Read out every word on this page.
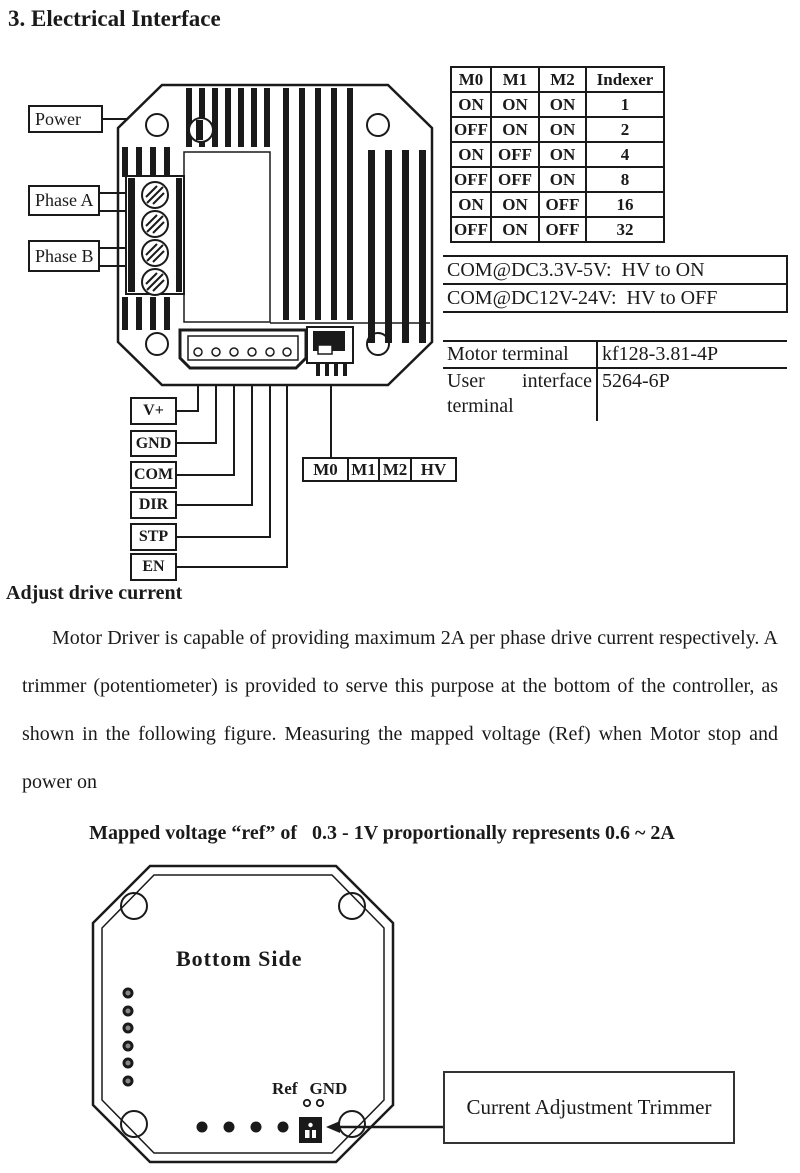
3. Electrical Interface
M0	M1	M2	Indexer
ON	ON	ON	1
OFF	ON	ON	2
ON	OFF	ON	4
OFF	OFF	ON	8
ON	ON	OFF	16
OFF	ON	OFF	32
COM@DC3.3V-5V:  HV to ON
COM@DC12V-24V:  HV to OFF
Motor terminal	kf128-3.81-4P
User interface terminal	5264-6P
Power
Phase A
Phase B
V+
GND
COM
DIR
STP
EN
M0	M1	M2	HV
Adjust drive current
Motor Driver is capable of providing maximum 2A per phase drive current respectively. A trimmer (potentiometer) is provided to serve this purpose at the bottom of the controller, as shown in the following figure. Measuring the mapped voltage (Ref) when Motor stop and power on
Mapped voltage “ref” of   0.3 - 1V proportionally represents 0.6 ~ 2A
Bottom Side
Ref GND
Current Adjustment Trimmer
